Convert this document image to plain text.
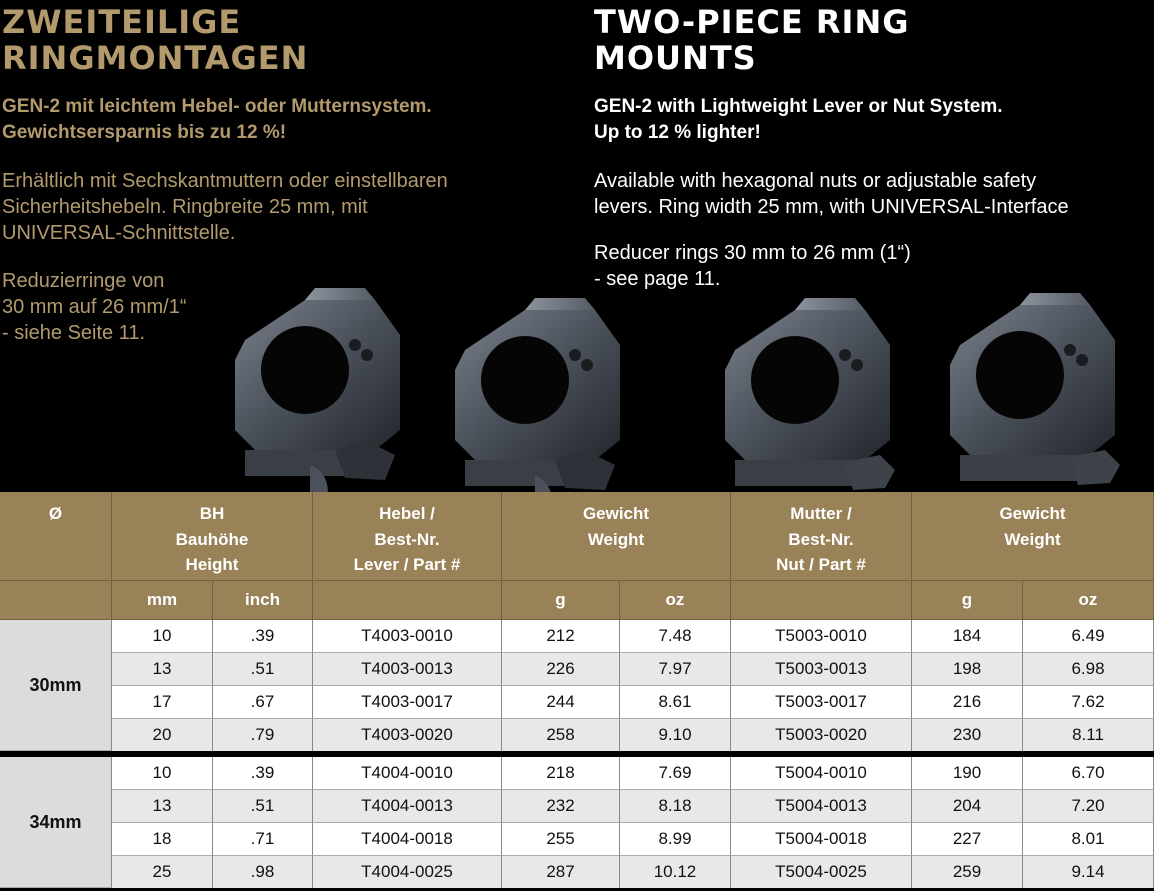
ZWEITEILIGE
RINGMONTAGEN

GEN-2 mit leichtem Hebel- oder Mutternsystem.
Gewichtsersparnis bis zu 12 %!

Erhältlich mit Sechskantmuttern oder einstellbaren
Sicherheitshebeln. Ringbreite 25 mm, mit
UNIVERSAL-Schnittstelle.

Reduzierringe von
30 mm auf 26 mm/1“
- siehe Seite 11.

TWO-PIECE RING
MOUNTS

GEN-2 with Lightweight Lever or Nut System.
Up to 12 % lighter!

Available with hexagonal nuts or adjustable safety
levers. Ring width 25 mm, with UNIVERSAL-Interface

Reducer rings 30 mm to 26 mm (1“)
- see page 11.

Ø	BH
Bauhöhe
Height		Hebel /
Best-Nr.
Lever / Part #	Gewicht
Weight		Mutter /
Best-Nr.
Nut / Part #	Gewicht
Weight	

	mm	inch		g	oz		g	oz
30mm	10	.39	T4003-0010	212	7.48	T5003-0010	184	6.49
	13	.51	T4003-0013	226	7.97	T5003-0013	198	6.98
	17	.67	T4003-0017	244	8.61	T5003-0017	216	7.62
	20	.79	T4003-0020	258	9.10	T5003-0020	230	8.11

34mm	10	.39	T4004-0010	218	7.69	T5004-0010	190	6.70
	13	.51	T4004-0013	232	8.18	T5004-0013	204	7.20
	18	.71	T4004-0018	255	8.99	T5004-0018	227	8.01
	25	.98	T4004-0025	287	10.12	T5004-0025	259	9.14
